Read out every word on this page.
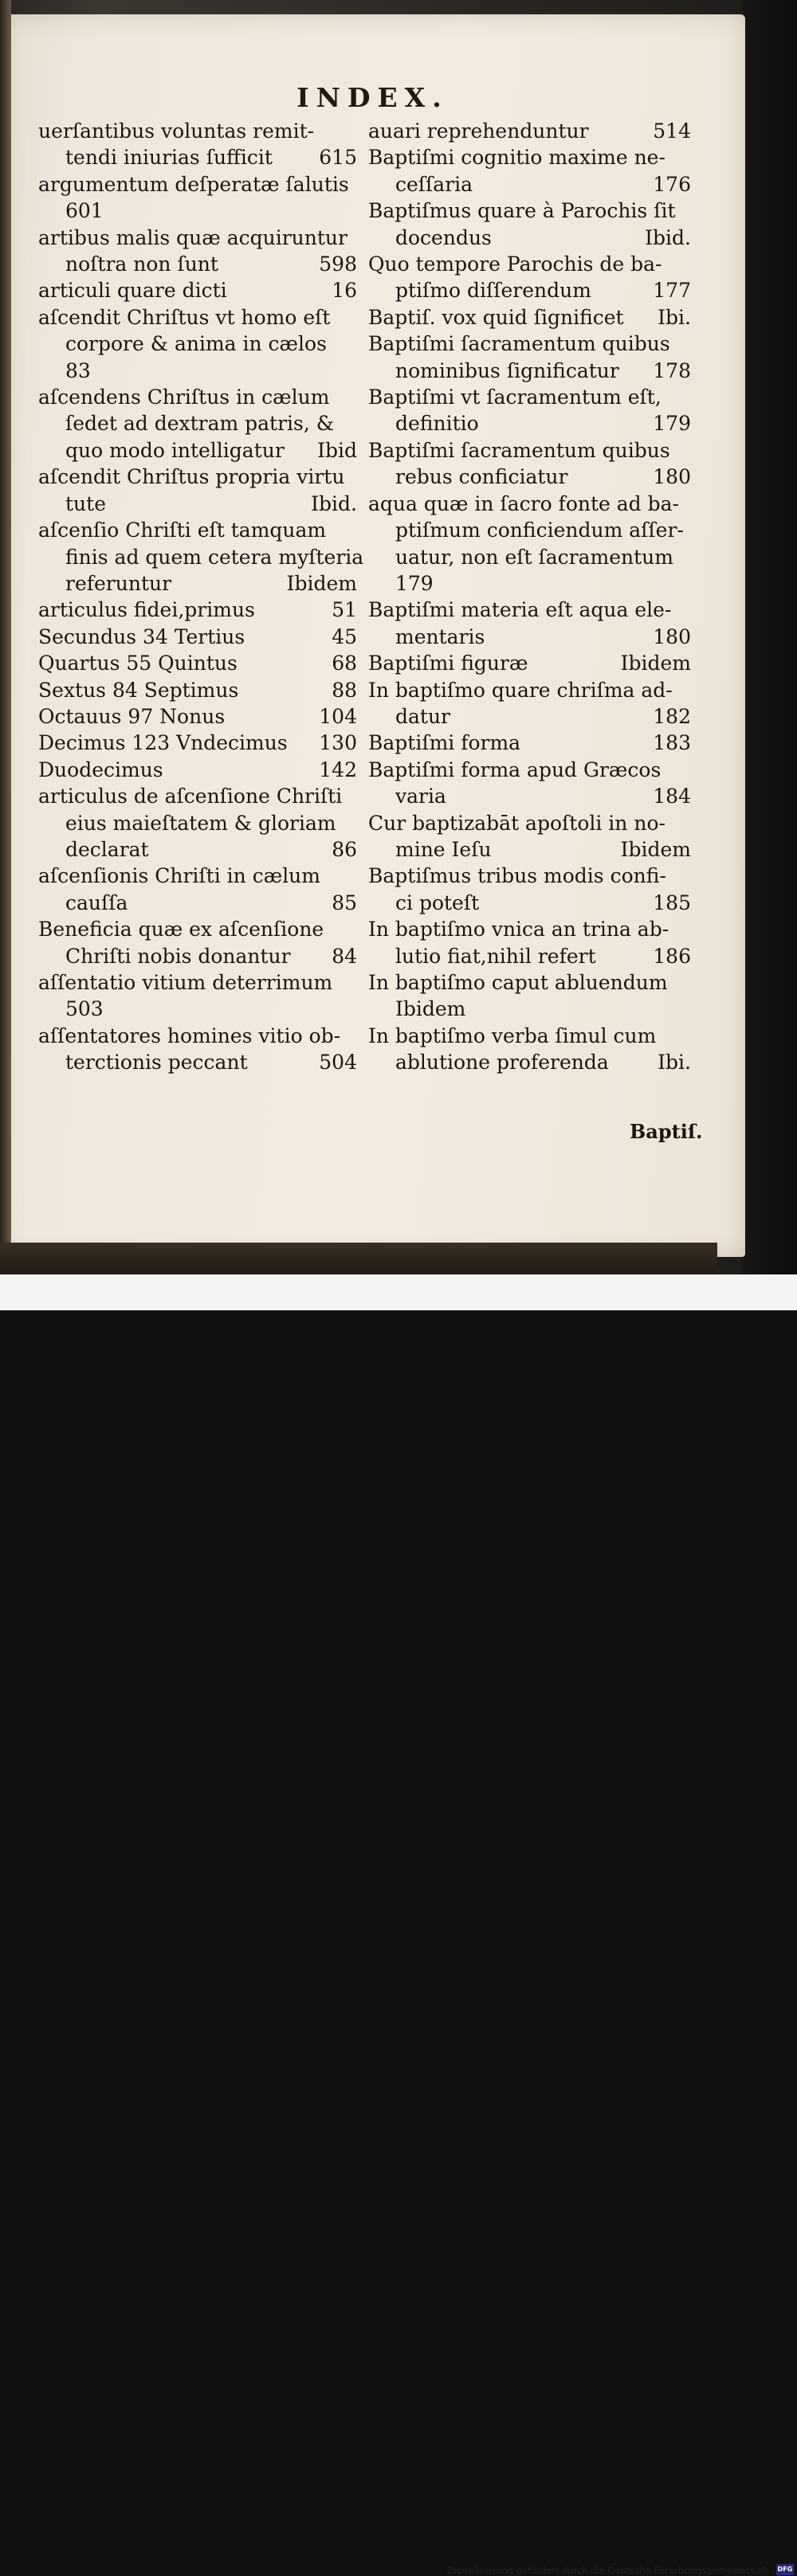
INDEX.
uerſantibus voluntas remit-
tendi iniurias ſufficit 615
argumentum deſperatæ ſalutis
601
artibus malis quæ acquiruntur
noſtra non ſunt	598
articuli quare dicti	16
aſcendit Chriſtus vt homo eſt
corpore & anima in cælos
83
aſcendens Chriſtus in cælum
ſedet ad dextram patris, &
quo modo intelligatur Ibid
aſcendit Chriſtus propria virtu
tute	Ibid.
aſcenſio Chriſti eſt tamquam
finis ad quem cetera myſteria
referuntur	Ibidem
articulus fidei,primus	51
Secundus 34 Tertius	45
Quartus 55 Quintus	68
Sextus 84 Septimus	88
Octauus 97 Nonus	104
Decimus 123 Vndecimus 130
Duodecimus	142
articulus de aſcenſione Chriſti
eius maieſtatem & gloriam
declarat	86
aſcenſionis Chriſti in cælum
cauſſa	85
Beneficia quæ ex aſcenſione
Chriſti nobis donantur 84
aſſentatio vitium deterrimum
503
aſſentatores homines vitio ob-
terctionis peccant	504
auari reprehenduntur	514
Baptiſmi cognitio maxime ne-
ceſſaria	176
Baptiſmus quare à Parochis ſit
docendus	Ibid.
Quo tempore Parochis de ba-
ptiſmo diſſerendum	177
Baptiſ. vox quid ſignificet Ibi.
Baptiſmi ſacramentum quibus
nominibus ſignificatur 178
Baptiſmi vt ſacramentum eſt,
definitio	179
Baptiſmi ſacramentum quibus
rebus conficiatur	180
aqua quæ in ſacro fonte ad ba-
ptiſmum conficiendum aſſer-
uatur, non eſt ſacramentum
179
Baptiſmi materia eſt aqua ele-
mentaris	180
Baptiſmi figuræ	Ibidem
In baptiſmo quare chriſma ad-
datur	182
Baptiſmi forma	183
Baptiſmi forma apud Græcos
varia	184
Cur baptizabāt apoſtoli in no-
mine Ieſu	Ibidem
Baptiſmus tribus modis confi-
ci poteſt	185
In baptiſmo vnica an trina ab-
lutio fiat,nihil refert	186
In baptiſmo caput abluendum
Ibidem
In baptiſmo verba ſimul cum
ablutione proferenda Ibi.
Baptiſ.
Digitalisierung gefördert durch die Deutsche Forschungsgemeinschaft - DFG
